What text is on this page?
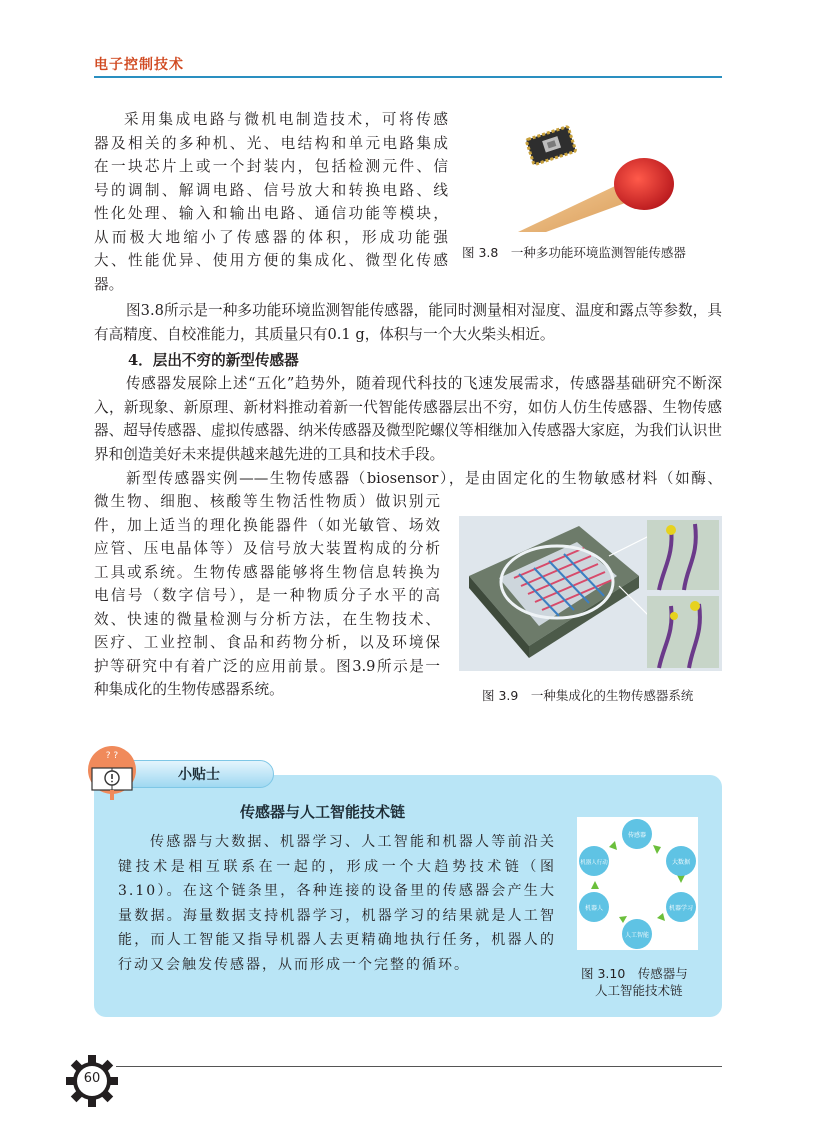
电子控制技术
采用集成电路与微机电制造技术，可将传感
器及相关的多种机、光、电结构和单元电路集成
在一块芯片上或一个封装内，包括检测元件、信
号的调制、解调电路、信号放大和转换电路、线
性化处理、输入和输出电路、通信功能等模块，
从而极大地缩小了传感器的体积，形成功能强
大、性能优异、使用方便的集成化、微型化传感
器。
图 3.8　一种多功能环境监测智能传感器

图3.8所示是一种多功能环境监测智能传感器，能同时测量相对湿度、温度和露点等参数，具有高精度、自校准能力，其质量只有0.1 g，体积与一个大火柴头相近。

4．层出不穷的新型传感器

传感器发展除上述“五化”趋势外，随着现代科技的飞速发展需求，传感器基础研究不断深入，新现象、新原理、新材料推动着新一代智能传感器层出不穷，如仿人仿生传感器、生物传感器、超导传感器、虚拟传感器、纳米传感器及微型陀螺仪等相继加入传感器大家庭，为我们认识世界和创造美好未来提供越来越先进的工具和技术手段。

新型传感器实例——生物传感器（biosensor），是由固定化的生物敏感材料（如酶、
微生物、细胞、核酸等生物活性物质）做识别元
件，加上适当的理化换能器件（如光敏管、场效
应管、压电晶体等）及信号放大装置构成的分析
工具或系统。生物传感器能够将生物信息转换为
电信号（数字信号），是一种物质分子水平的高
效、快速的微量检测与分析方法，在生物技术、
医疗、工业控制、食品和药物分析，以及环境保
护等研究中有着广泛的应用前景。图3.9所示是一
种集成化的生物传感器系统。	图 3.9　一种集成化的生物传感器系统
? ?
小贴士
传感器与人工智能技术链

传感器与大数据、机器学习、人工智能和机器人等前沿关键技术是相互联系在一起的，形成一个大趋势技术链（图3.10）。在这个链条里，各种连接的设备里的传感器会产生大量数据。海量数据支持机器学习，机器学习的结果就是人工智能，而人工智能又指导机器人去更精确地执行任务，机器人的行动又会触发传感器，从而形成一个完整的循环。

传感器
大数据
机器学习
人工智能
机器人
机器人行动
图 3.10　传感器与
人工智能技术链
60
